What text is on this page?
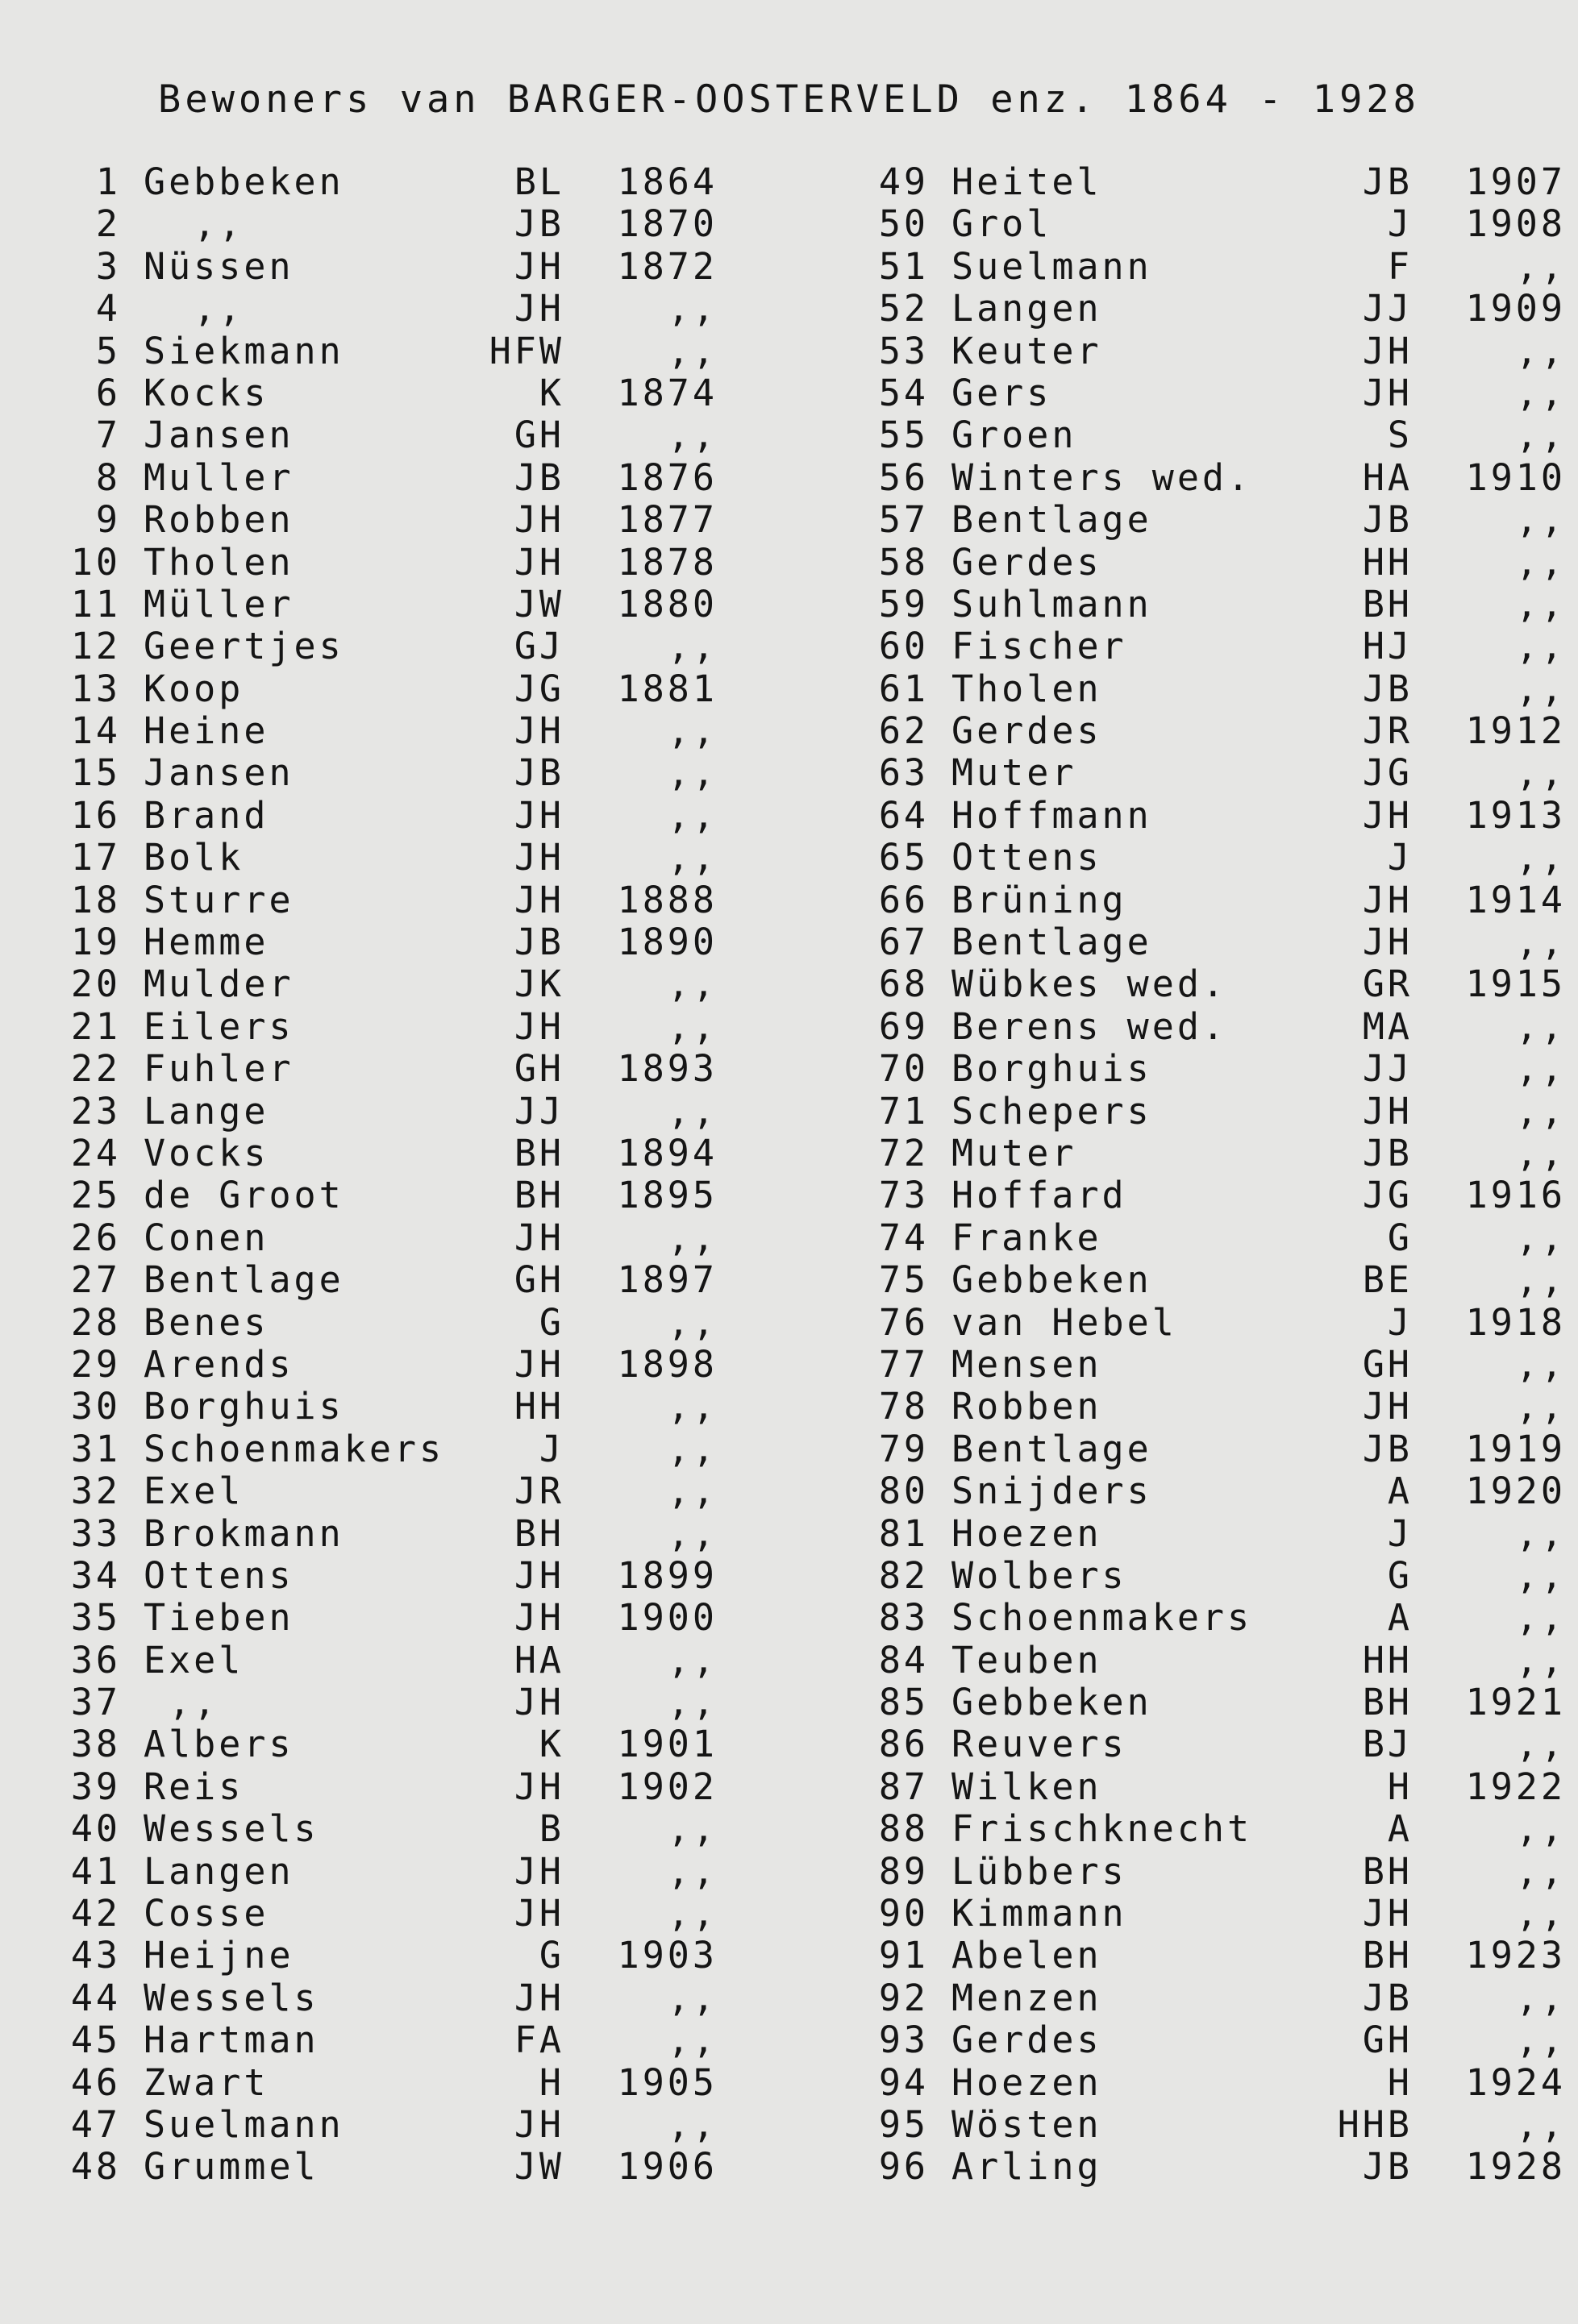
Bewoners van BARGER-OOSTERVELD enz. 1864 - 1928
1 Gebbeken	BL 1864
2 ,,	JB 1870
3 Nüssen	JH 1872
4 ,,	JH	,,
5 Siekmann	HFW	,,
6 Kocks	K 1874
7 Jansen	GH	,,
8 Muller	JB 1876
9 Robben	JH 1877
10 Tholen	JH 1878
11 Müller	JW 1880
12 Geertjes	GJ	,,
13 Koop	JG 1881
14 Heine	JH	,,
15 Jansen	JB	,,
16 Brand	JH	,,
17 Bolk	JH	,,
18 Sturre	JH 1888
19 Hemme	JB 1890
20 Mulder	JK	,,
21 Eilers	JH	,,
22 Fuhler	GH 1893
23 Lange	JJ	,,
24 Vocks	BH 1894
25 de Groot	BH 1895
26 Conen	JH	,,
27 Bentlage	GH 1897
28 Benes	G	,,
29 Arends	JH 1898
30 Borghuis	HH	,,
31 Schoenmakers	J	,,
32 Exel	JR	,,
33 Brokmann	BH	,,
34 Ottens	JH 1899
35 Tieben	JH 1900
36 Exel	HA	,,
37 ,,	JH	,,
38 Albers	K 1901
39 Reis	JH 1902
40 Wessels	B	,,
41 Langen	JH	,,
42 Cosse	JH	,,
43 Heijne	G 1903
44 Wessels	JH	,,
45 Hartman	FA	,,
46 Zwart	H 1905
47 Suelmann	JH	,,
48 Grummel	JW 1906
49 Heitel	JB 1907
50 Grol	J 1908
51 Suelmann	F	,,
52 Langen	JJ 1909
53 Keuter	JH	,,
54 Gers	JH	,,
55 Groen	S	,,
56 Winters wed.	HA 1910
57 Bentlage	JB	,,
58 Gerdes	HH	,,
59 Suhlmann	BH	,,
60 Fischer	HJ	,,
61 Tholen	JB	,,
62 Gerdes	JR 1912
63 Muter	JG	,,
64 Hoffmann	JH 1913
65 Ottens	J	,,
66 Brüning	JH 1914
67 Bentlage	JH	,,
68 Wübkes wed.	GR 1915
69 Berens wed.	MA	,,
70 Borghuis	JJ	,,
71 Schepers	JH	,,
72 Muter	JB	,,
73 Hoffard	JG 1916
74 Franke	G	,,
75 Gebbeken	BE	,,
76 van Hebel	J 1918
77 Mensen	GH	,,
78 Robben	JH	,,
79 Bentlage	JB 1919
80 Snijders	A 1920
81 Hoezen	J	,,
82 Wolbers	G	,,
83 Schoenmakers	A	,,
84 Teuben	HH	,,
85 Gebbeken	BH 1921
86 Reuvers	BJ	,,
87 Wilken	H 1922
88 Frischknecht	A	,,
89 Lübbers	BH	,,
90 Kimmann	JH	,,
91 Abelen	BH 1923
92 Menzen	JB	,,
93 Gerdes	GH	,,
94 Hoezen	H 1924
95 Wösten	HHB	,,
96 Arling	JB 1928
